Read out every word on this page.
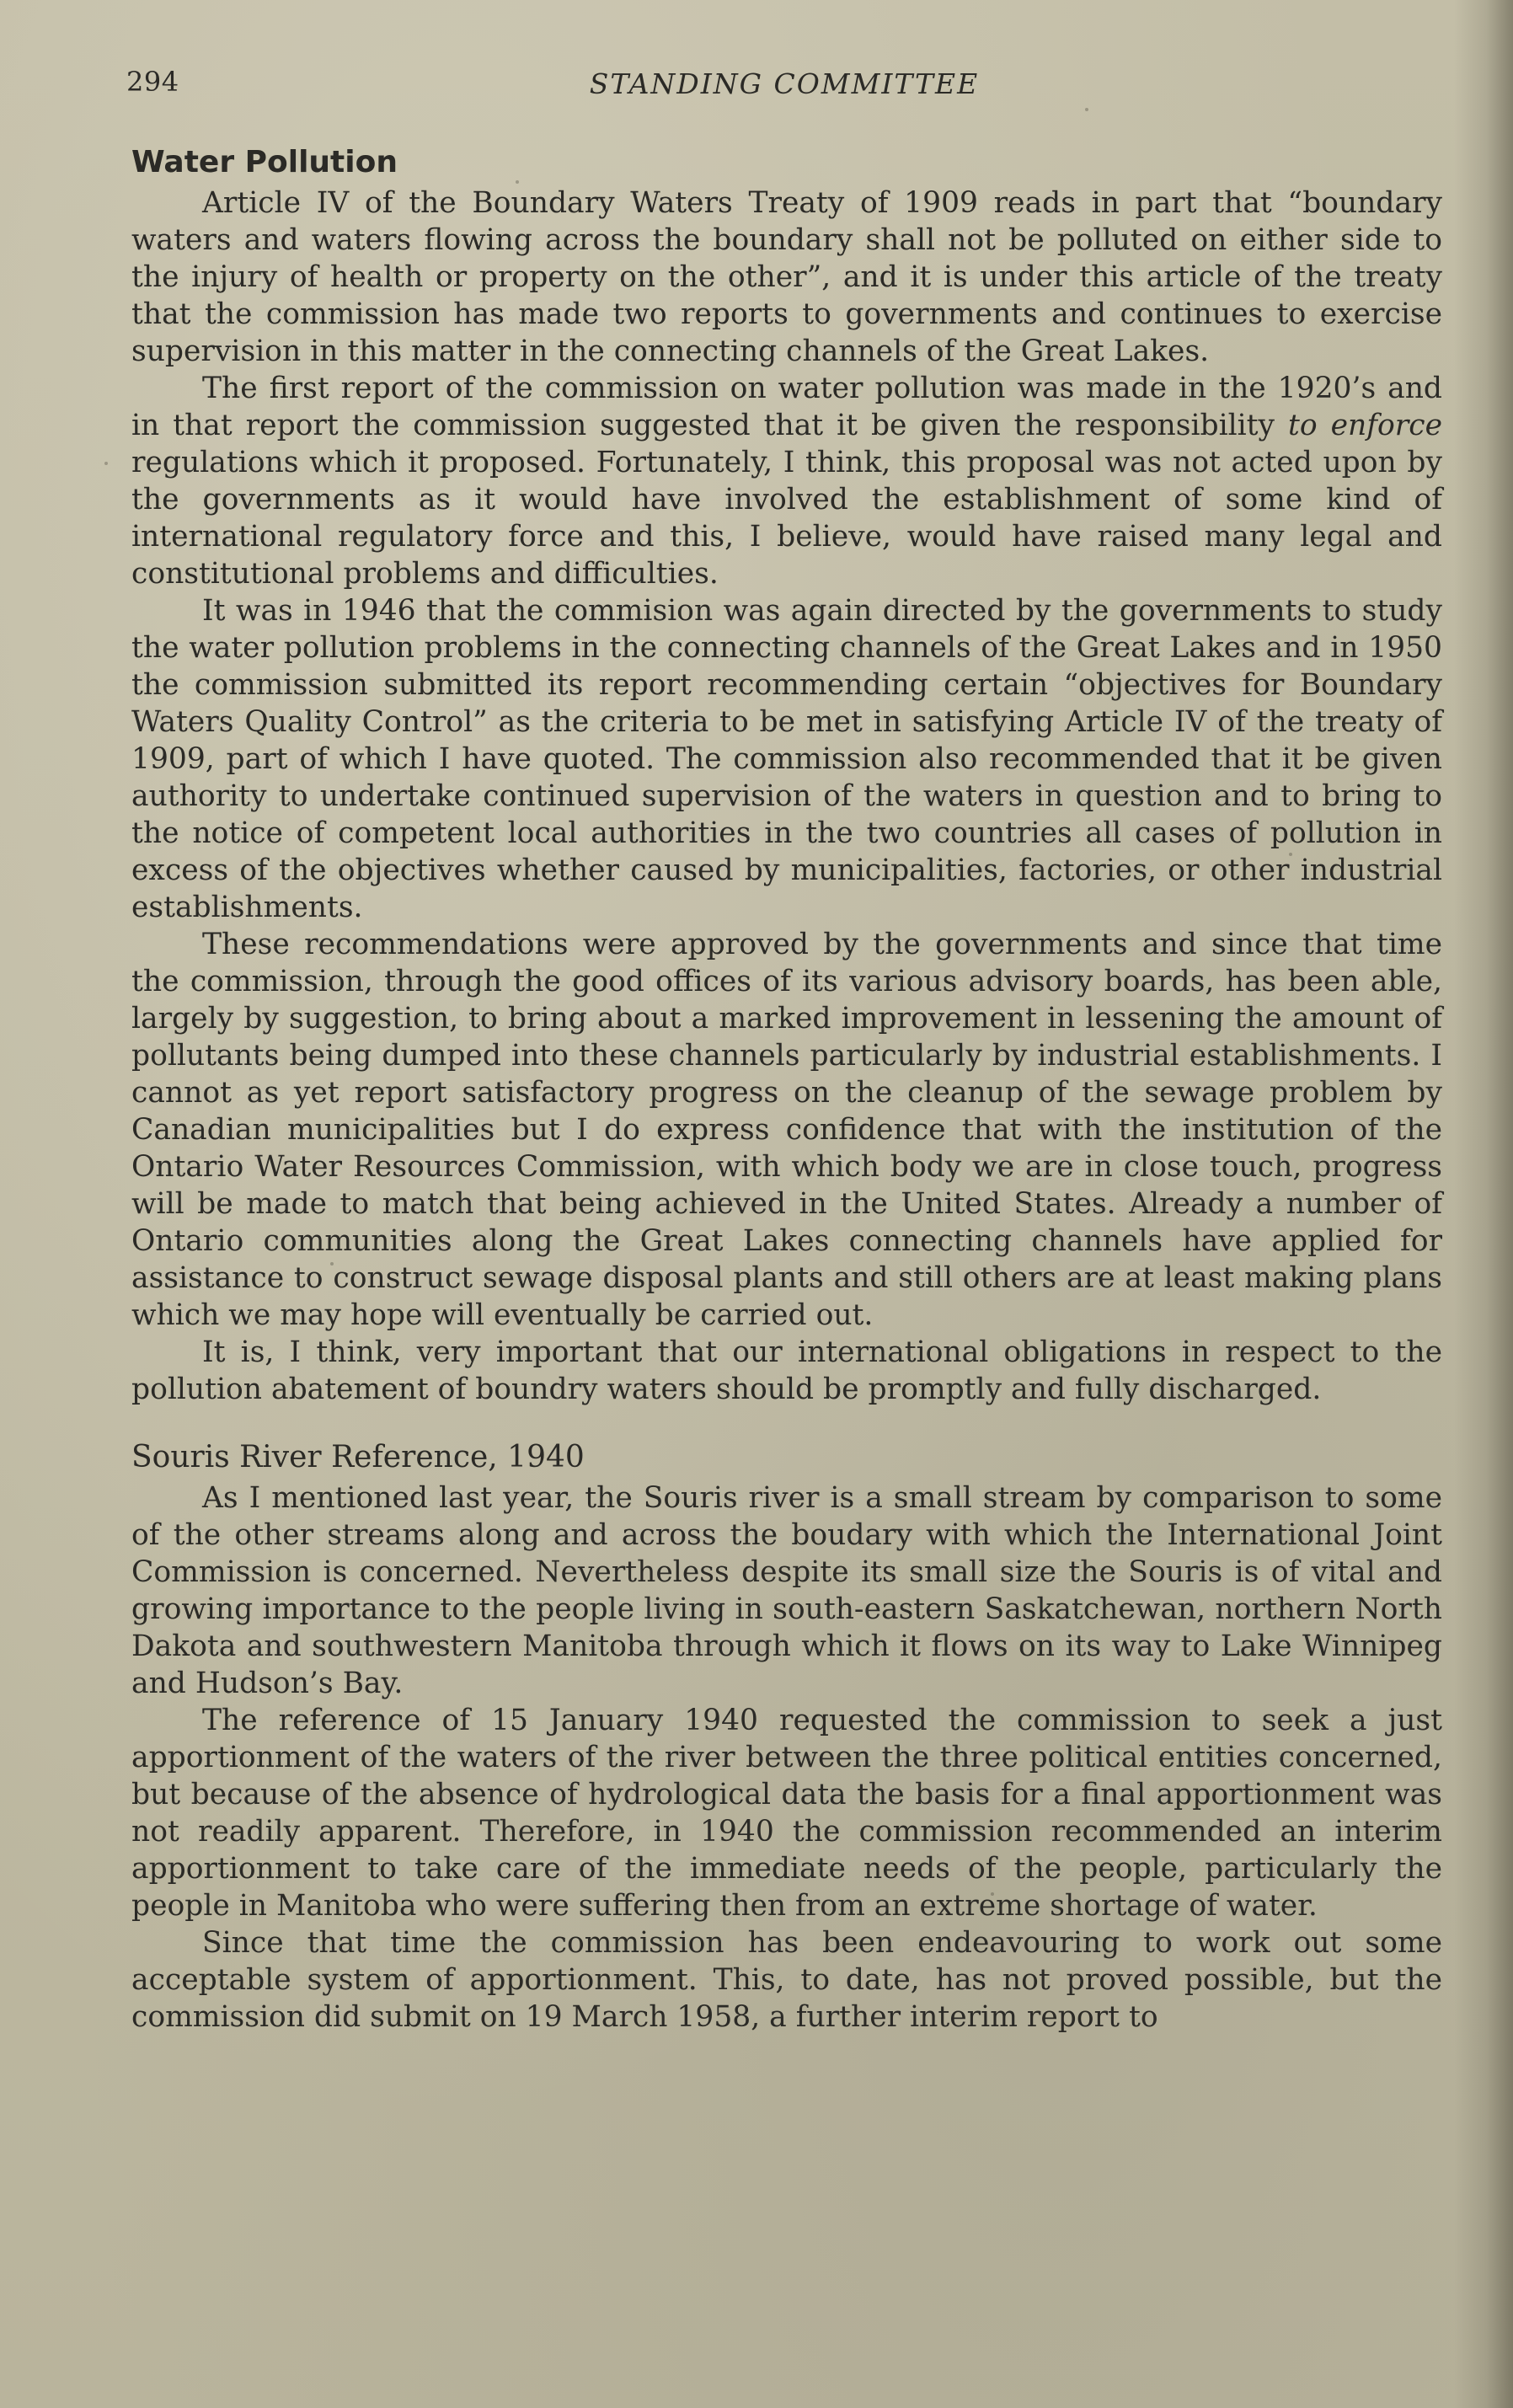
294	STANDING COMMITTEE
Water Pollution

Article IV of the Boundary Waters Treaty of 1909 reads in part that “boundary waters and waters flowing across the boundary shall not be polluted on either side to the injury of health or property on the other”, and it is under this article of the treaty that the commission has made two reports to governments and continues to exercise supervision in this matter in the connecting channels of the Great Lakes.

The first report of the commission on water pollution was made in the 1920’s and in that report the commission suggested that it be given the responsibility to enforce regulations which it proposed. Fortunately, I think, this proposal was not acted upon by the governments as it would have involved the establishment of some kind of international regulatory force and this, I believe, would have raised many legal and constitutional problems and difficulties.

It was in 1946 that the commision was again directed by the governments to study the water pollution problems in the connecting channels of the Great Lakes and in 1950 the commission submitted its report recommending certain “objectives for Boundary Waters Quality Control” as the criteria to be met in satisfying Article IV of the treaty of 1909, part of which I have quoted. The commission also recommended that it be given authority to undertake continued supervision of the waters in question and to bring to the notice of competent local authorities in the two countries all cases of pollution in excess of the objectives whether caused by municipalities, factories, or other industrial establishments.

These recommendations were approved by the governments and since that time the commission, through the good offices of its various advisory boards, has been able, largely by suggestion, to bring about a marked improvement in lessening the amount of pollutants being dumped into these channels particularly by industrial establishments. I cannot as yet report satisfactory progress on the cleanup of the sewage problem by Canadian municipalities but I do express confidence that with the institution of the Ontario Water Resources Commission, with which body we are in close touch, progress will be made to match that being achieved in the United States. Already a number of Ontario communities along the Great Lakes connecting channels have applied for assistance to construct sewage disposal plants and still others are at least making plans which we may hope will eventually be carried out.

It is, I think, very important that our international obligations in respect to the pollution abatement of boundry waters should be promptly and fully discharged.

Souris River Reference, 1940

As I mentioned last year, the Souris river is a small stream by comparison to some of the other streams along and across the boudary with which the International Joint Commission is concerned. Nevertheless despite its small size the Souris is of vital and growing importance to the people living in south-eastern Saskatchewan, northern North Dakota and southwestern Manitoba through which it flows on its way to Lake Winnipeg and Hudson’s Bay.

The reference of 15 January 1940 requested the commission to seek a just apportionment of the waters of the river between the three political entities concerned, but because of the absence of hydrological data the basis for a final apportionment was not readily apparent. Therefore, in 1940 the commission recommended an interim apportionment to take care of the immediate needs of the people, particularly the people in Manitoba who were suffering then from an extreme shortage of water.

Since that time the commission has been endeavouring to work out some acceptable system of apportionment. This, to date, has not proved possible, but the commission did submit on 19 March 1958, a further interim report to
